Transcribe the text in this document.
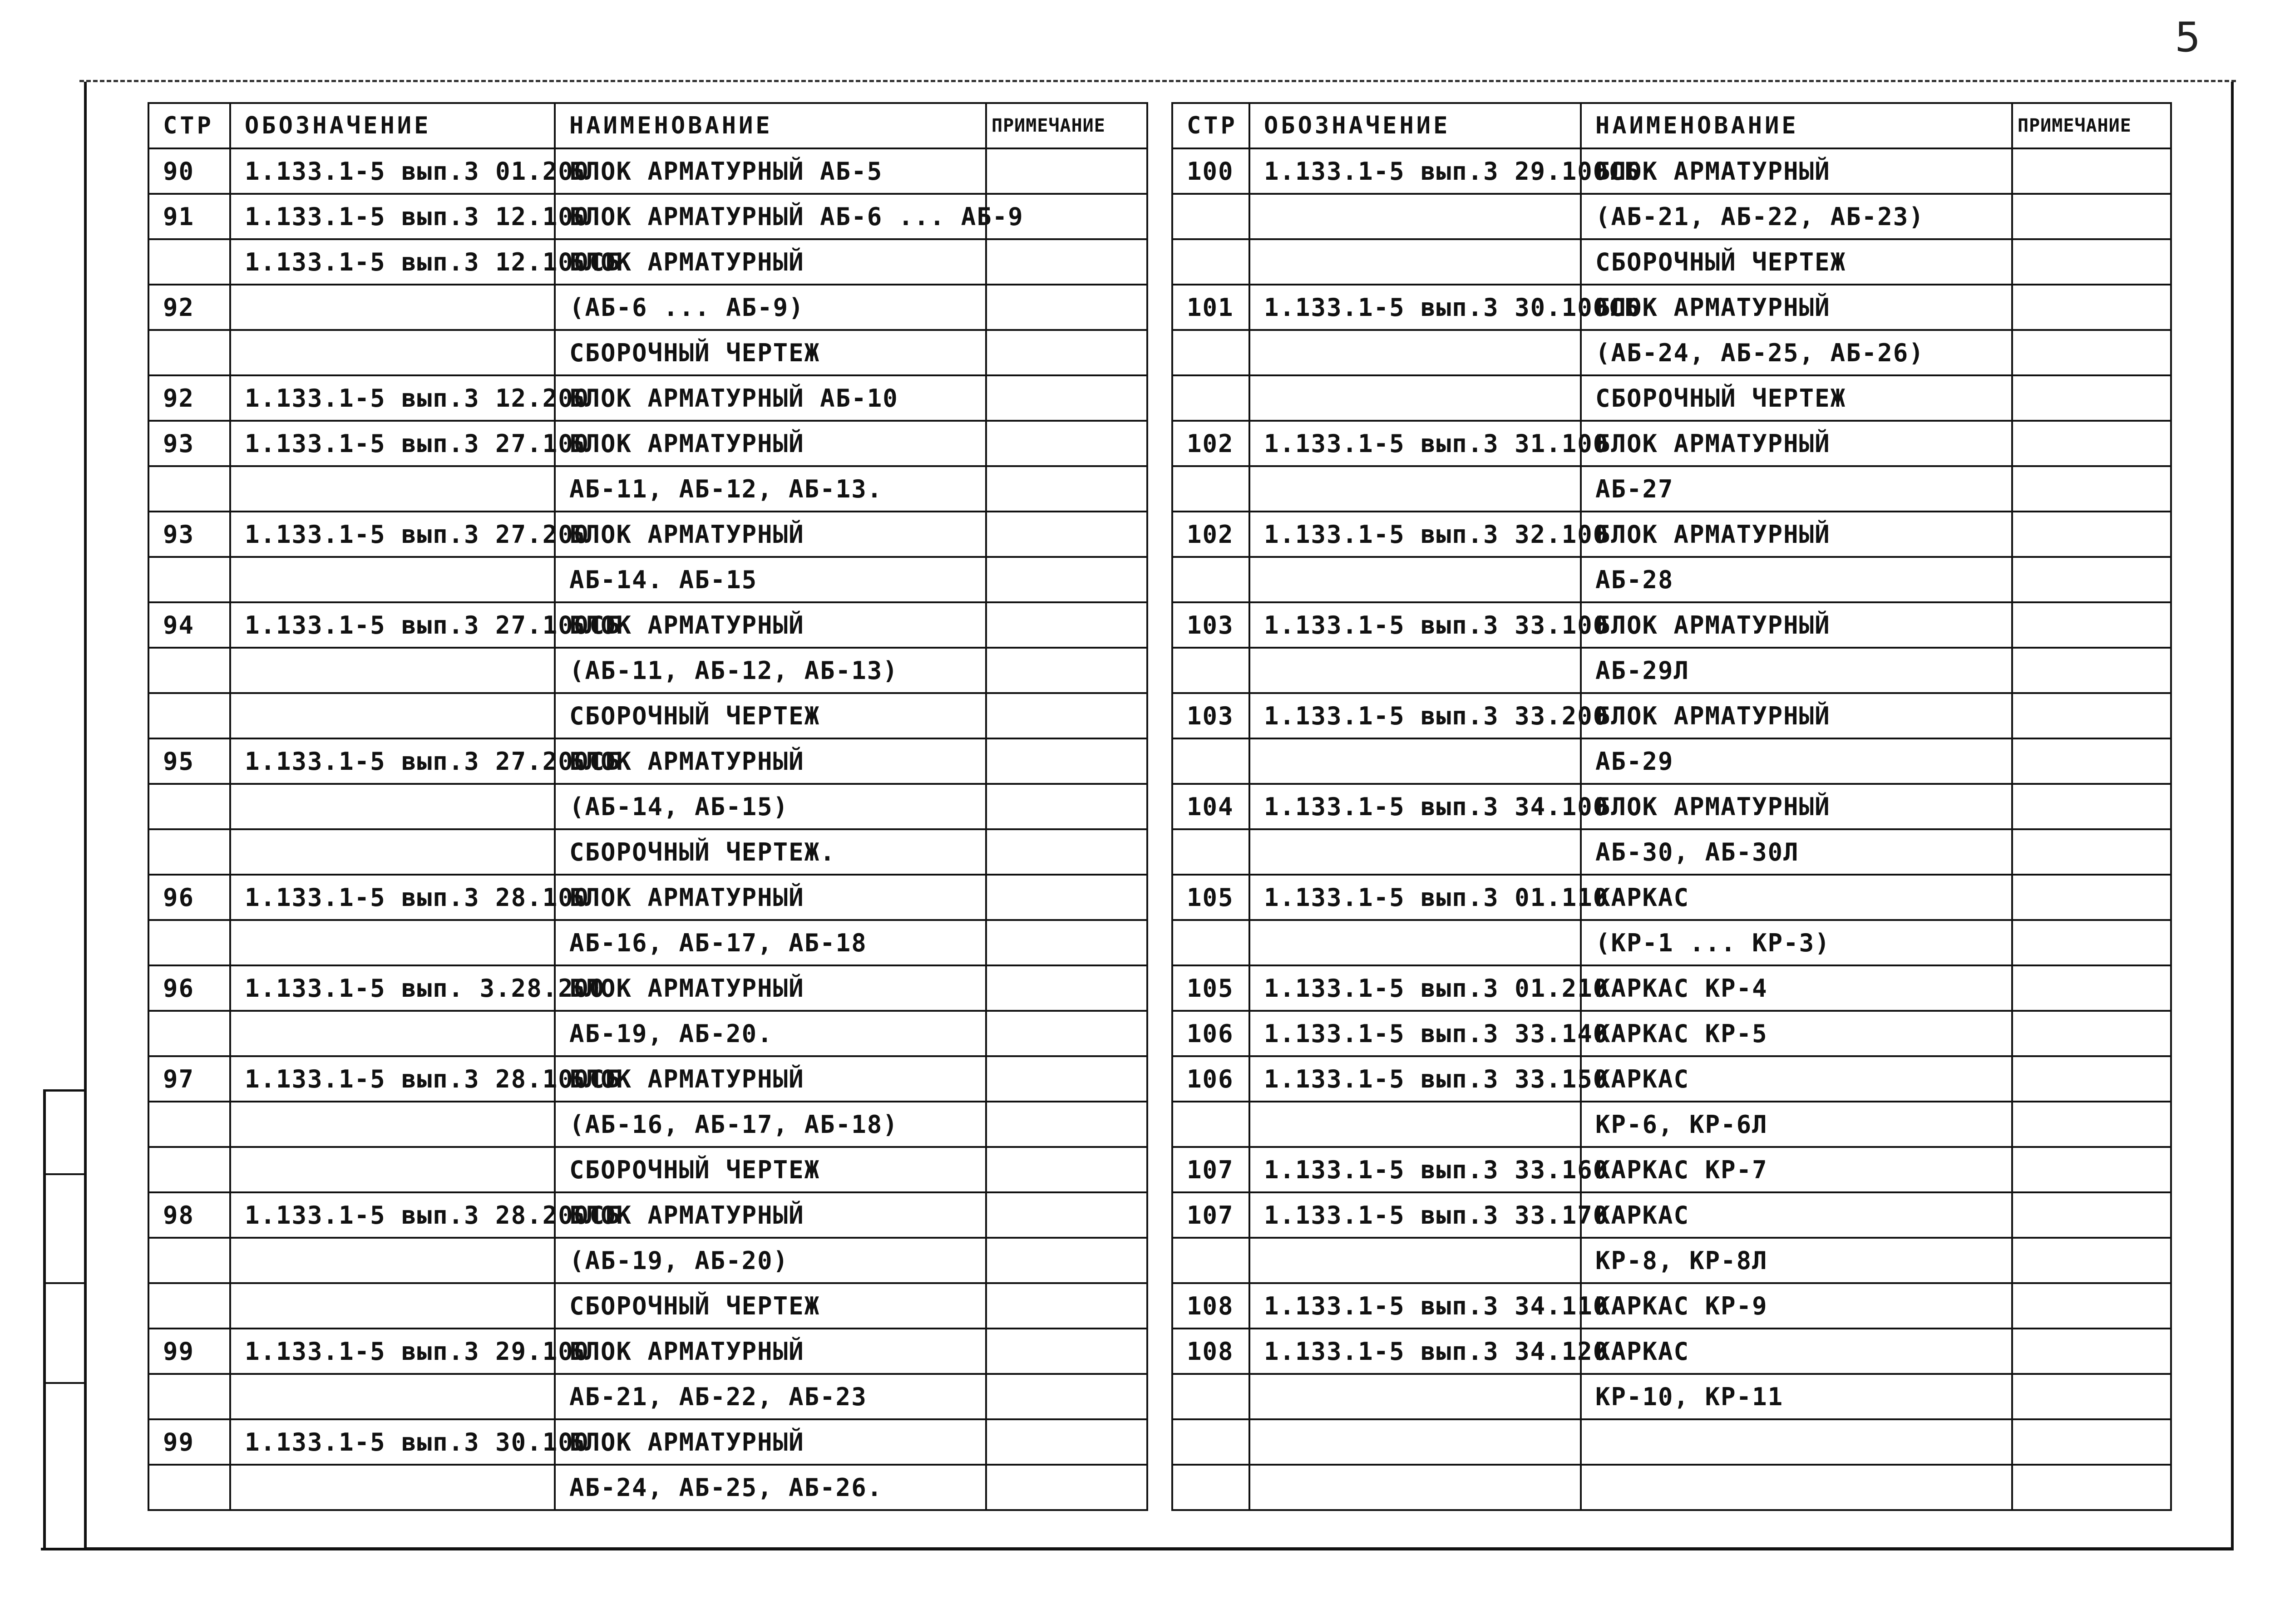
5
СТР	ОБОЗНАЧЕНИЕ	НАИМЕНОВАНИЕ	ПРИМЕЧАНИЕ
90	1.133.1-5 вып.3 01.200	БЛОК АРМАТУРНЫЙ АБ-5	
91	1.133.1-5 вып.3 12.100	БЛОК АРМАТУРНЫЙ АБ-6 ... АБ-9	
	1.133.1-5 вып.3 12.100СБ	БЛОК АРМАТУРНЫЙ	
92		(АБ-6 ... АБ-9)	
		СБОРОЧНЫЙ ЧЕРТЕЖ	
92	1.133.1-5 вып.3 12.200	БЛОК АРМАТУРНЫЙ АБ-10	
93	1.133.1-5 вып.3 27.100	БЛОК АРМАТУРНЫЙ	
		АБ-11, АБ-12, АБ-13.	
93	1.133.1-5 вып.3 27.200	БЛОК АРМАТУРНЫЙ	
		АБ-14. АБ-15	
94	1.133.1-5 вып.3 27.100СБ	БЛОК АРМАТУРНЫЙ	
		(АБ-11, АБ-12, АБ-13)	
		СБОРОЧНЫЙ ЧЕРТЕЖ	
95	1.133.1-5 вып.3 27.200СБ	БЛОК АРМАТУРНЫЙ	
		(АБ-14, АБ-15)	
		СБОРОЧНЫЙ ЧЕРТЕЖ.	
96	1.133.1-5 вып.3 28.100	БЛОК АРМАТУРНЫЙ	
		АБ-16, АБ-17, АБ-18	
96	1.133.1-5 вып. 3.28.200	БЛОК АРМАТУРНЫЙ	
		АБ-19, АБ-20.	
97	1.133.1-5 вып.3 28.100СБ	БЛОК АРМАТУРНЫЙ	
		(АБ-16, АБ-17, АБ-18)	
		СБОРОЧНЫЙ ЧЕРТЕЖ	
98	1.133.1-5 вып.3 28.200СБ	БЛОК АРМАТУРНЫЙ	
		(АБ-19, АБ-20)	
		СБОРОЧНЫЙ ЧЕРТЕЖ	
99	1.133.1-5 вып.3 29.100	БЛОК АРМАТУРНЫЙ	
		АБ-21, АБ-22, АБ-23	
99	1.133.1-5 вып.3 30.100	БЛОК АРМАТУРНЫЙ	
		АБ-24, АБ-25, АБ-26.	
СТР	ОБОЗНАЧЕНИЕ	НАИМЕНОВАНИЕ	ПРИМЕЧАНИЕ
100	1.133.1-5 вып.3 29.100СБ	БЛОК АРМАТУРНЫЙ	
		(АБ-21, АБ-22, АБ-23)	
		СБОРОЧНЫЙ ЧЕРТЕЖ	
101	1.133.1-5 вып.3 30.100СБ	БЛОК АРМАТУРНЫЙ	
		(АБ-24, АБ-25, АБ-26)	
		СБОРОЧНЫЙ ЧЕРТЕЖ	
102	1.133.1-5 вып.3 31.100	БЛОК АРМАТУРНЫЙ	
		АБ-27	
102	1.133.1-5 вып.3 32.100	БЛОК АРМАТУРНЫЙ	
		АБ-28	
103	1.133.1-5 вып.3 33.100	БЛОК АРМАТУРНЫЙ	
		АБ-29Л	
103	1.133.1-5 вып.3 33.200	БЛОК АРМАТУРНЫЙ	
		АБ-29	
104	1.133.1-5 вып.3 34.100	БЛОК АРМАТУРНЫЙ	
		АБ-30, АБ-30Л	
105	1.133.1-5 вып.3 01.110	КАРКАС	
		(КР-1 ... КР-3)	
105	1.133.1-5 вып.3 01.210	КАРКАС КР-4	
106	1.133.1-5 вып.3 33.140	КАРКАС КР-5	
106	1.133.1-5 вып.3 33.150	КАРКАС	
		КР-6, КР-6Л	
107	1.133.1-5 вып.3 33.160	КАРКАС КР-7	
107	1.133.1-5 вып.3 33.170	КАРКАС	
		КР-8, КР-8Л	
108	1.133.1-5 вып.3 34.110	КАРКАС КР-9	
108	1.133.1-5 вып.3 34.120	КАРКАС	
		КР-10, КР-11	
